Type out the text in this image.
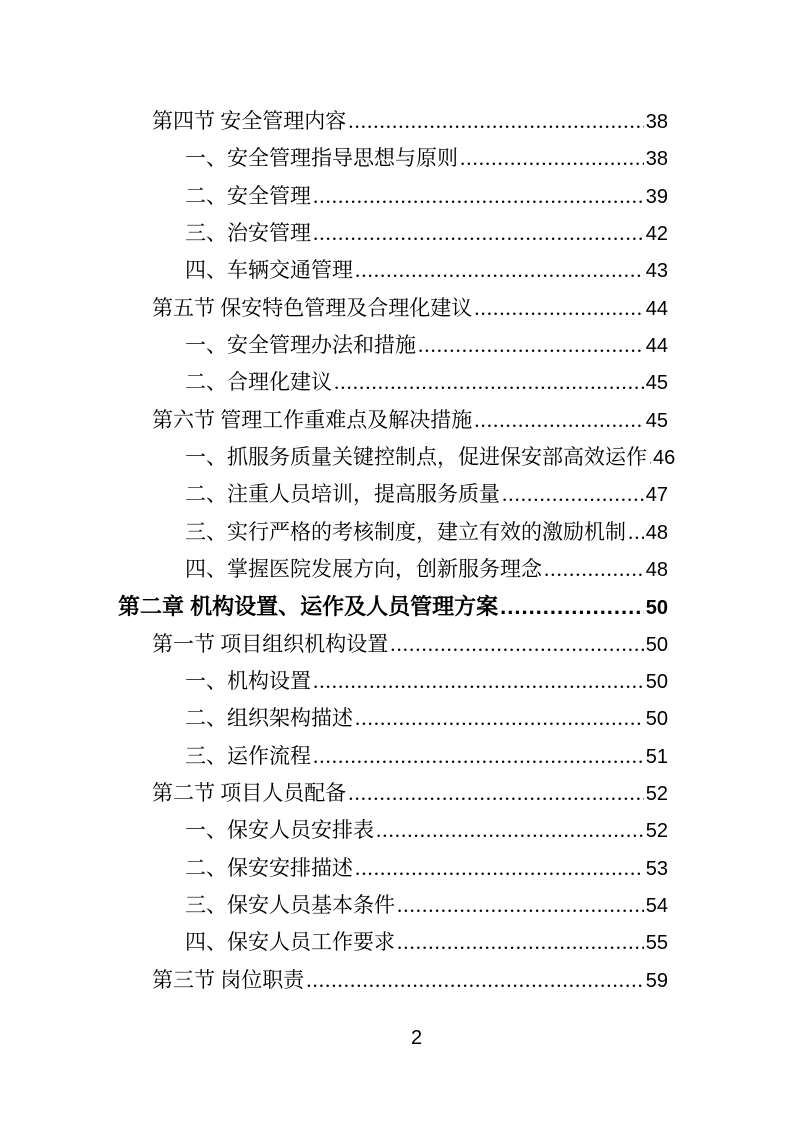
第四节 安全管理内容 .....	38
一、安全管理指导思想与原则 .....	38
二、安全管理 .....	39
三、治安管理 .....	42
四、车辆交通管理 .....	43
第五节 保安特色管理及合理化建议 .....	44
一、安全管理办法和措施 .....	44
二、合理化建议 .....	45
第六节 管理工作重难点及解决措施 .....	45
一、抓服务质量关键控制点，促进保安部高效运作 ..... 46
二、注重人员培训，提高服务质量 .....	47
三、实行严格的考核制度，建立有效的激励机制 ..... 48
四、掌握医院发展方向，创新服务理念 .....	48
第二章 机构设置、运作及人员管理方案 .....	50
第一节 项目组织机构设置 .....	50
一、机构设置 .....	50
二、组织架构描述 .....	50
三、运作流程 .....	51
第二节 项目人员配备 .....	52
一、保安人员安排表 .....	52
二、保安安排描述 .....	53
三、保安人员基本条件 .....	54
四、保安人员工作要求 .....	55
第三节 岗位职责 .....	59
2
